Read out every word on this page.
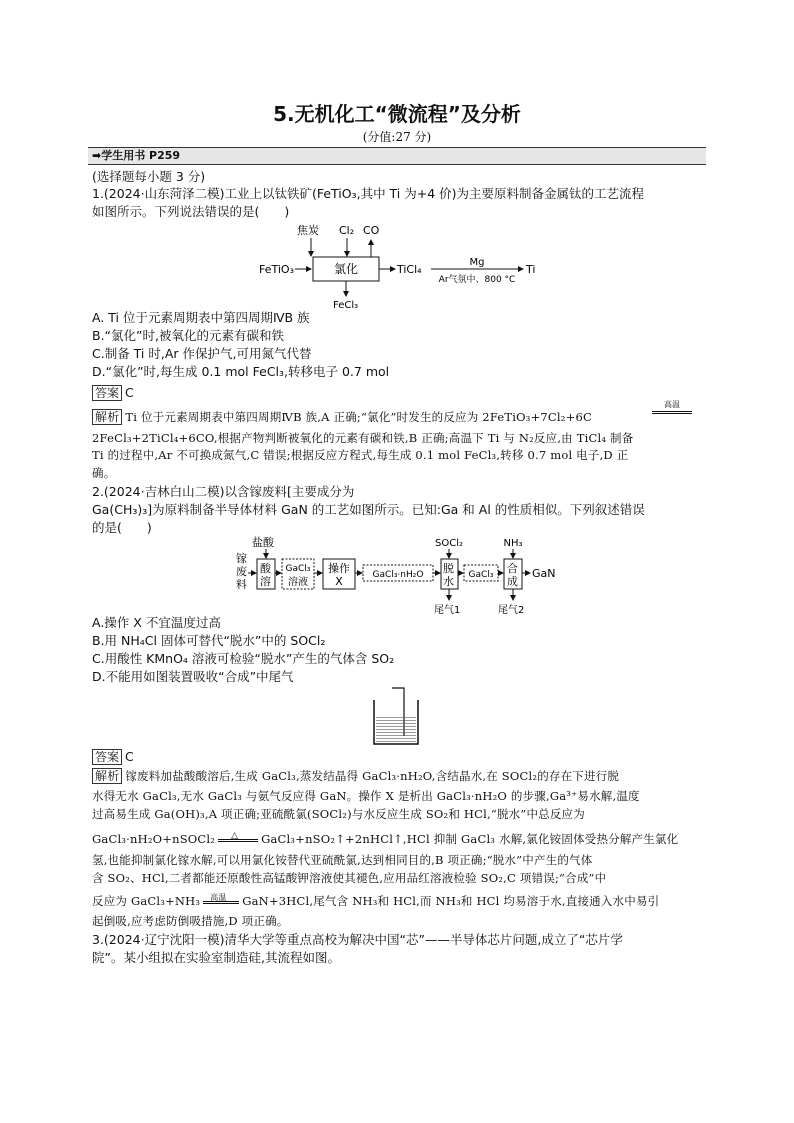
5.无机化工“微流程”及分析
(分值:27 分)
➡学生用书 P259
(选择题每小题 3 分)
1.(2024·山东菏泽二模)工业上以钛铁矿(FeTiO₃,其中 Ti 为+4 价)为主要原料制备金属钛的工艺流程
如图所示。下列说法错误的是(　　)
焦炭 Cl₂ CO
FeTiO₃	氯化	TiCl₄
Mg
Ar气氛中、800 °C
Ti
FeCl₃
A. Ti 位于元素周期表中第四周期ⅣB 族
B.“氯化”时,被氧化的元素有碳和铁
C.制备 Ti 时,Ar 作保护气,可用氮气代替
D.“氯化”时,每生成 0.1 mol FeCl₃,转移电子 0.7 mol
答案 C
解析 Ti 位于元素周期表中第四周期ⅣB 族,A 正确;“氯化”时发生的反应为 2FeTiO₃+7Cl₂+6C
高温
2FeCl₃+2TiCl₄+6CO,根据产物判断被氧化的元素有碳和铁,B 正确;高温下 Ti 与 N₂反应,由 TiCl₄ 制备
Ti 的过程中,Ar 不可换成氮气,C 错误;根据反应方程式,每生成 0.1 mol FeCl₃,转移 0.7 mol 电子,D 正
确。
2.(2024·吉林白山二模)以含镓废料[主要成分为
Ga(CH₃)₃]为原料制备半导体材料 GaN 的工艺如图所示。已知:Ga 和 Al 的性质相似。下列叙述错误
的是(　　)
镓
废
料
盐酸
酸
溶
GaCl₃
溶液
操作
X	GaCl₃·nH₂O
SOCl₂
脱
水
尾气1
GaCl₃
NH₃
合
成
尾气2
GaN
A.操作 X 不宜温度过高
B.用 NH₄Cl 固体可替代“脱水”中的 SOCl₂
C.用酸性 KMnO₄ 溶液可检验“脱水”产生的气体含 SO₂
D.不能用如图装置吸收“合成”中尾气
答案 C
解析 镓废料加盐酸酸溶后,生成 GaCl₃,蒸发结晶得 GaCl₃·nH₂O,含结晶水,在 SOCl₂的存在下进行脱
水得无水 GaCl₃,无水 GaCl₃ 与氨气反应得 GaN。操作 X 是析出 GaCl₃·nH₂O 的步骤,Ga³⁺易水解,温度
过高易生成 Ga(OH)₃,A 项正确;亚硫酰氯(SOCl₂)与水反应生成 SO₂和 HCl,“脱水”中总反应为
GaCl₃·nH₂O+nSOCl₂ △ GaCl₃+nSO₂↑+2nHCl↑,HCl 抑制 GaCl₃ 水解,氯化铵固体受热分解产生氯化
氢,也能抑制氯化镓水解,可以用氯化铵替代亚硫酰氯,达到相同目的,B 项正确;“脱水”中产生的气体
含 SO₂、HCl,二者都能还原酸性高锰酸钾溶液使其褪色,应用品红溶液检验 SO₂,C 项错误;“合成”中
反应为 GaCl₃+NH₃ 高温 GaN+3HCl,尾气含 NH₃和 HCl,而 NH₃和 HCl 均易溶于水,直接通入水中易引
起倒吸,应考虑防倒吸措施,D 项正确。
3.(2024·辽宁沈阳一模)清华大学等重点高校为解决中国“芯”——半导体芯片问题,成立了“芯片学
院”。某小组拟在实验室制造硅,其流程如图。
